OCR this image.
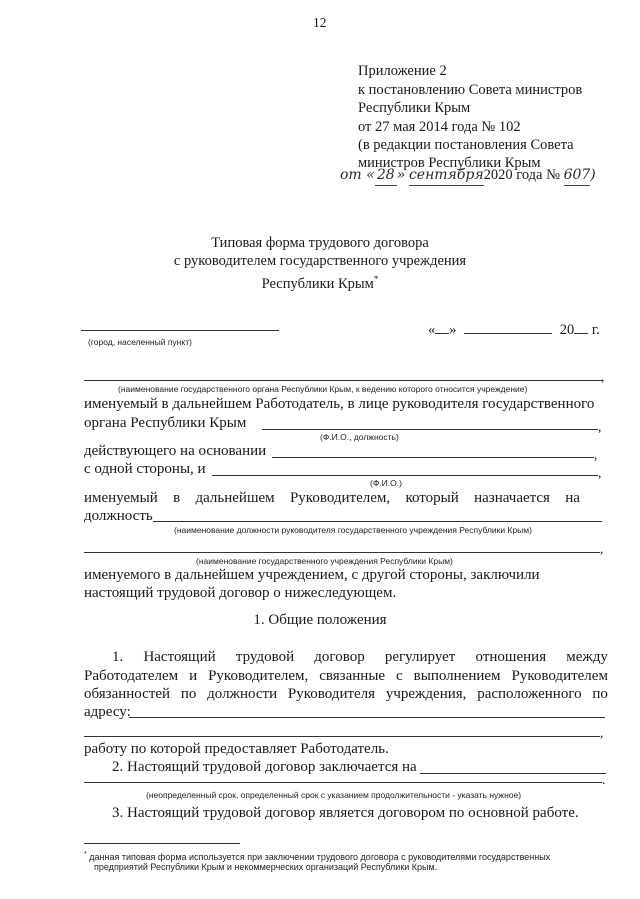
12
Приложение 2
к постановлению Совета министров
Республики Крым
от 27 мая 2014 года № 102
(в редакции постановления Совета
министров Республики Крым
от « 28 » сентября2020 года № 607)
Типовая форма трудового договора
с руководителем государственного учреждения
Республики Крым*
(город, населенный пункт)
« »	20 г.
,
(наименование государственного органа Республики Крым, к ведению которого относится учреждение)
именуемый в дальнейшем Работодатель, в лице руководителя государственного
органа Республики Крым	,
(Ф.И.О., должность)
действующего на основании	,
с одной стороны, и	,
(Ф.И.О.)
именуемый в дальнейшем Руководителем, который назначается на
должность
(наименование должности руководителя государственного учреждения Республики Крым)
,
(наименование государственного учреждения Республики Крым)
именуемого в дальнейшем учреждением, с другой стороны, заключили
настоящий трудовой договор о нижеследующем.
1. Общие положения
1. Настоящий трудовой договор регулирует отношения между
Работодателем и Руководителем, связанные с выполнением Руководителем
обязанностей по должности Руководителя учреждения, расположенного по
адресу:
,
работу по которой предоставляет Работодатель.
2. Настоящий трудовой договор заключается на
.
(неопределенный срок, определенный срок с указанием продолжительности - указать нужное)
3. Настоящий трудовой договор является договором по основной работе.
* данная типовая форма используется при заключении трудового договора с руководителями государственных
предприятий Республики Крым и некоммерческих организаций Республики Крым.
